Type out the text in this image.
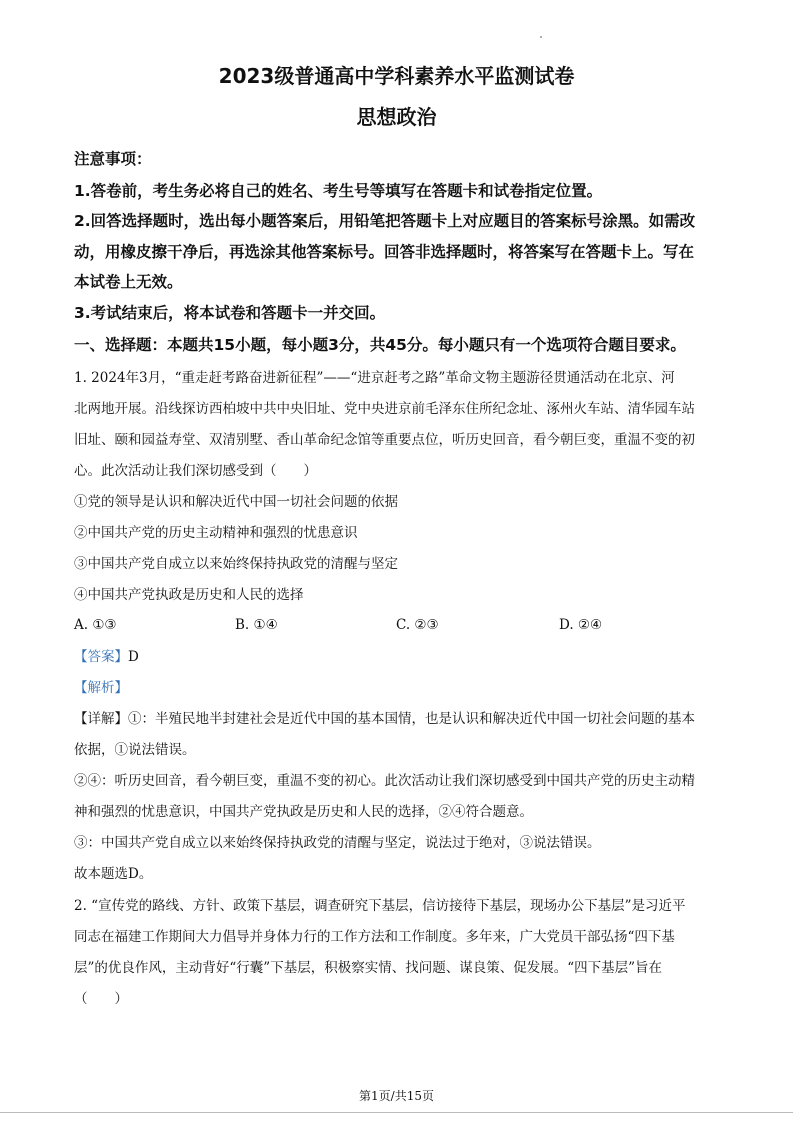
2023级普通高中学科素养水平监测试卷
思想政治
注意事项：
1.答卷前，考生务必将自己的姓名、考生号等填写在答题卡和试卷指定位置。
2.回答选择题时，选出每小题答案后，用铅笔把答题卡上对应题目的答案标号涂黑。如需改
动，用橡皮擦干净后，再选涂其他答案标号。回答非选择题时，将答案写在答题卡上。写在
本试卷上无效。
3.考试结束后，将本试卷和答题卡一并交回。
一、选择题：本题共15小题，每小题3分，共45分。每小题只有一个选项符合题目要求。
1. 2024年3月，“重走赶考路奋进新征程”——“进京赶考之路”革命文物主题游径贯通活动在北京、河
北两地开展。沿线探访西柏坡中共中央旧址、党中央进京前毛泽东住所纪念址、涿州火车站、清华园车站
旧址、颐和园益寿堂、双清别墅、香山革命纪念馆等重要点位，听历史回音，看今朝巨变，重温不变的初
心。此次活动让我们深切感受到（　　）
①党的领导是认识和解决近代中国一切社会问题的依据
②中国共产党的历史主动精神和强烈的忧患意识
③中国共产党自成立以来始终保持执政党的清醒与坚定
④中国共产党执政是历史和人民的选择
A. ①③	B. ①④	C. ②③	D. ②④
【答案】D
【解析】
【详解】①：半殖民地半封建社会是近代中国的基本国情，也是认识和解决近代中国一切社会问题的基本
依据，①说法错误。
②④：听历史回音，看今朝巨变，重温不变的初心。此次活动让我们深切感受到中国共产党的历史主动精
神和强烈的忧患意识，中国共产党执政是历史和人民的选择，②④符合题意。
③：中国共产党自成立以来始终保持执政党的清醒与坚定，说法过于绝对，③说法错误。
故本题选D。
2. “宣传党的路线、方针、政策下基层，调查研究下基层，信访接待下基层，现场办公下基层”是习近平
同志在福建工作期间大力倡导并身体力行的工作方法和工作制度。多年来，广大党员干部弘扬“四下基
层”的优良作风，主动背好“行囊”下基层，积极察实情、找问题、谋良策、促发展。“四下基层”旨在
（　　）
第1页/共15页
